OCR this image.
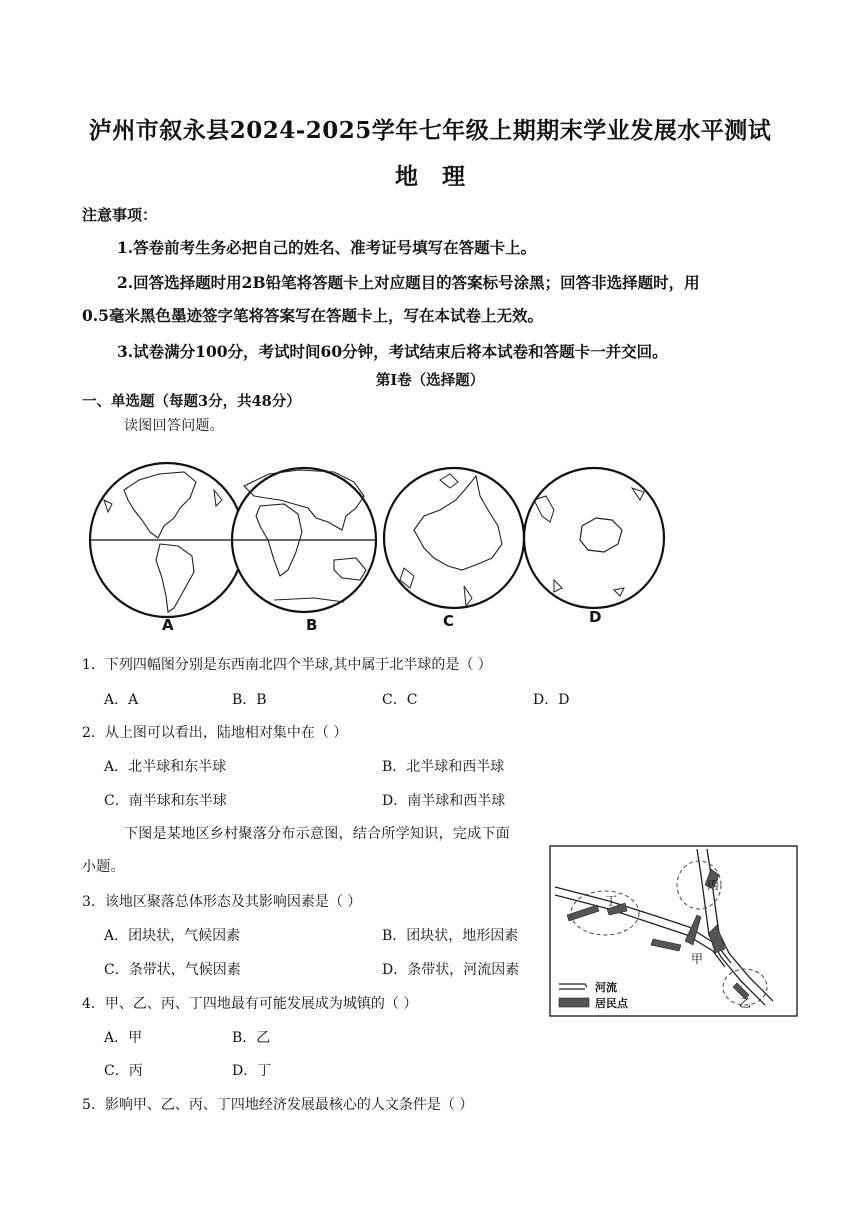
泸州市叙永县2024-2025学年七年级上期期末学业发展水平测试
地理
注意事项：
1.答卷前考生务必把自己的姓名、准考证号填写在答题卡上。
2.回答选择题时用2B铅笔将答题卡上对应题目的答案标号涂黑；回答非选择题时，用
0.5毫米黑色墨迹签字笔将答案写在答题卡上，写在本试卷上无效。
3.试卷满分100分，考试时间60分钟，考试结束后将本试卷和答题卡一并交回。
第Ⅰ卷（选择题）
一、单选题（每题3分，共48分）
读图回答问题。
A	B	C	D
1．下列四幅图分别是东西南北四个半球,其中属于北半球的是（ ）
A．A	B．B	C．C	D．D
2．从上图可以看出，陆地相对集中在（ ）
A．北半球和东半球	B．北半球和西半球
C．南半球和东半球	D．南半球和西半球
下图是某地区乡村聚落分布示意图，结合所学知识，完成下面
小题。
丁
丙
甲
乙
河流
居民点
3．该地区聚落总体形态及其影响因素是（ ）
A．团块状，气候因素	B．团块状，地形因素
C．条带状，气候因素	D．条带状，河流因素
4．甲、乙、丙、丁四地最有可能发展成为城镇的（ ）
A．甲	B．乙
C．丙	D．丁
5．影响甲、乙、丙、丁四地经济发展最核心的人文条件是（ ）
